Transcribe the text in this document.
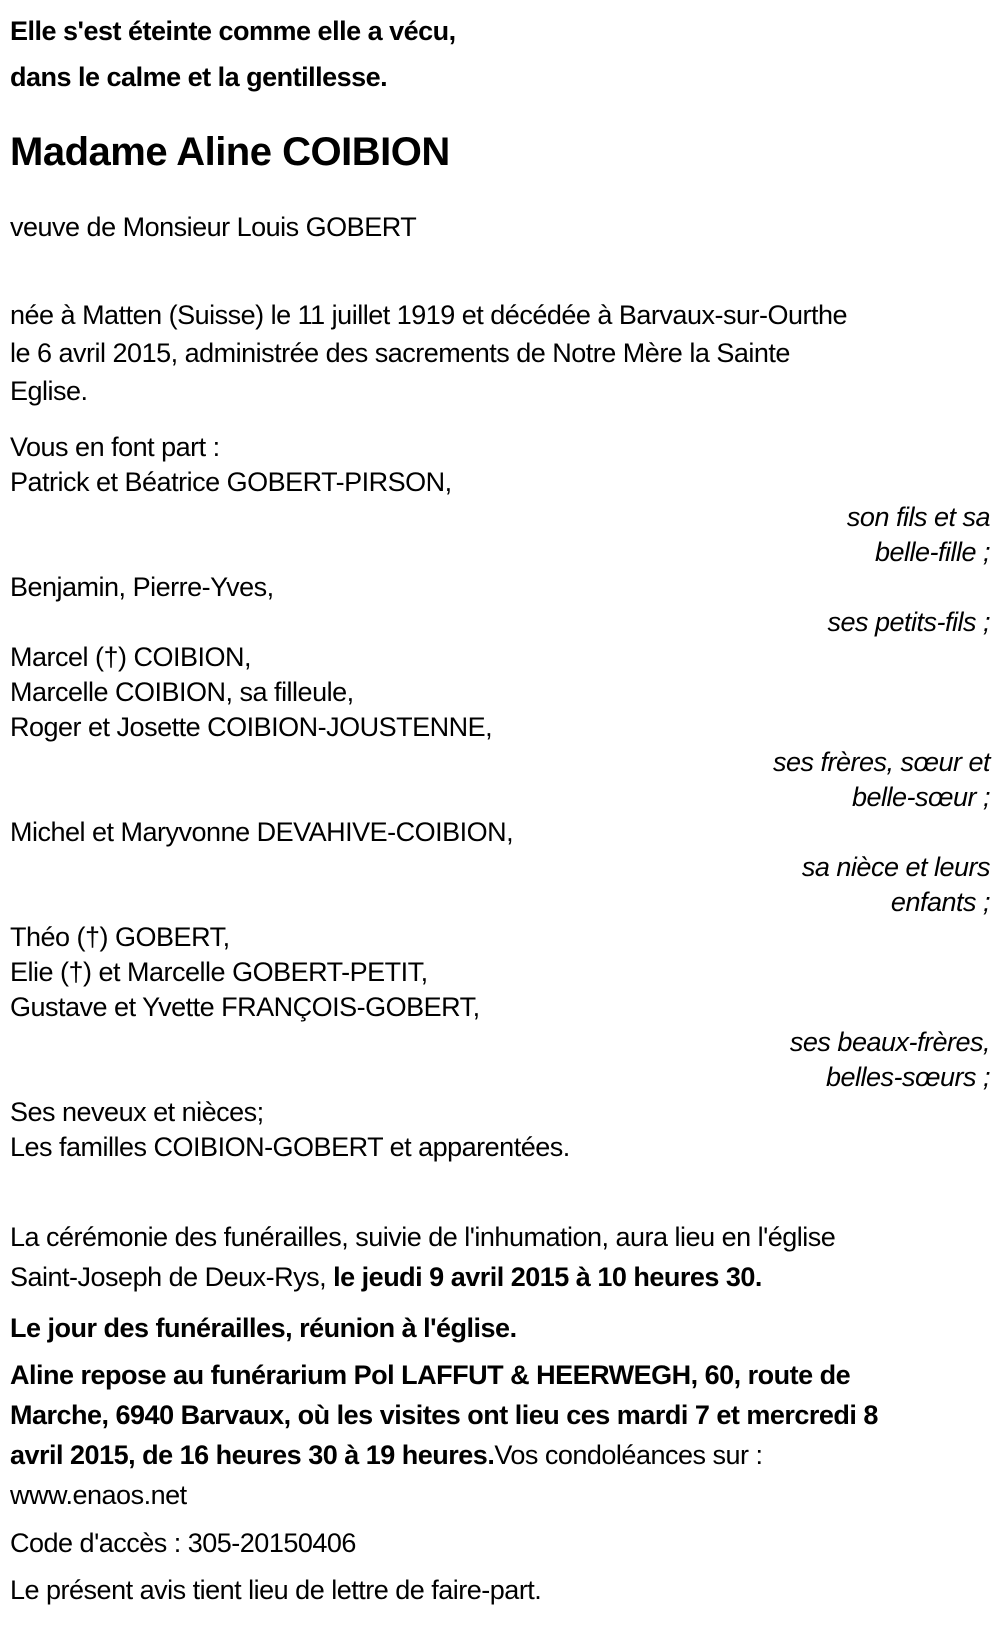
Elle s'est éteinte comme elle a vécu,
dans le calme et la gentillesse.
Madame Aline COIBION

veuve de Monsieur Louis GOBERT

née à Matten (Suisse) le 11 juillet 1919 et décédée à Barvaux-sur-Ourthe
le 6 avril 2015, administrée des sacrements de Notre Mère la Sainte
Eglise.
Vous en font part :
Patrick et Béatrice GOBERT-PIRSON,
son fils et sa
belle-fille ;
Benjamin, Pierre-Yves,
ses petits-fils ;
Marcel (†) COIBION,
Marcelle COIBION, sa filleule,
Roger et Josette COIBION-JOUSTENNE,
ses frères, sœur et
belle-sœur ;
Michel et Maryvonne DEVAHIVE-COIBION,
sa nièce et leurs
enfants ;
Théo (†) GOBERT,
Elie (†) et Marcelle GOBERT-PETIT,
Gustave et Yvette FRANÇOIS-GOBERT,
ses beaux-frères,
belles-sœurs ;
Ses neveux et nièces;
Les familles COIBION-GOBERT et apparentées.
La cérémonie des funérailles, suivie de l'inhumation, aura lieu en l'église
Saint-Joseph de Deux-Rys, le jeudi 9 avril 2015 à 10 heures 30.

Le jour des funérailles, réunion à l'église.

Aline repose au funérarium Pol LAFFUT & HEERWEGH, 60, route de
Marche, 6940 Barvaux, où les visites ont lieu ces mardi 7 et mercredi 8
avril 2015, de 16 heures 30 à 19 heures.Vos condoléances sur :
www.enaos.net

Code d'accès : 305-20150406

Le présent avis tient lieu de lettre de faire-part.
